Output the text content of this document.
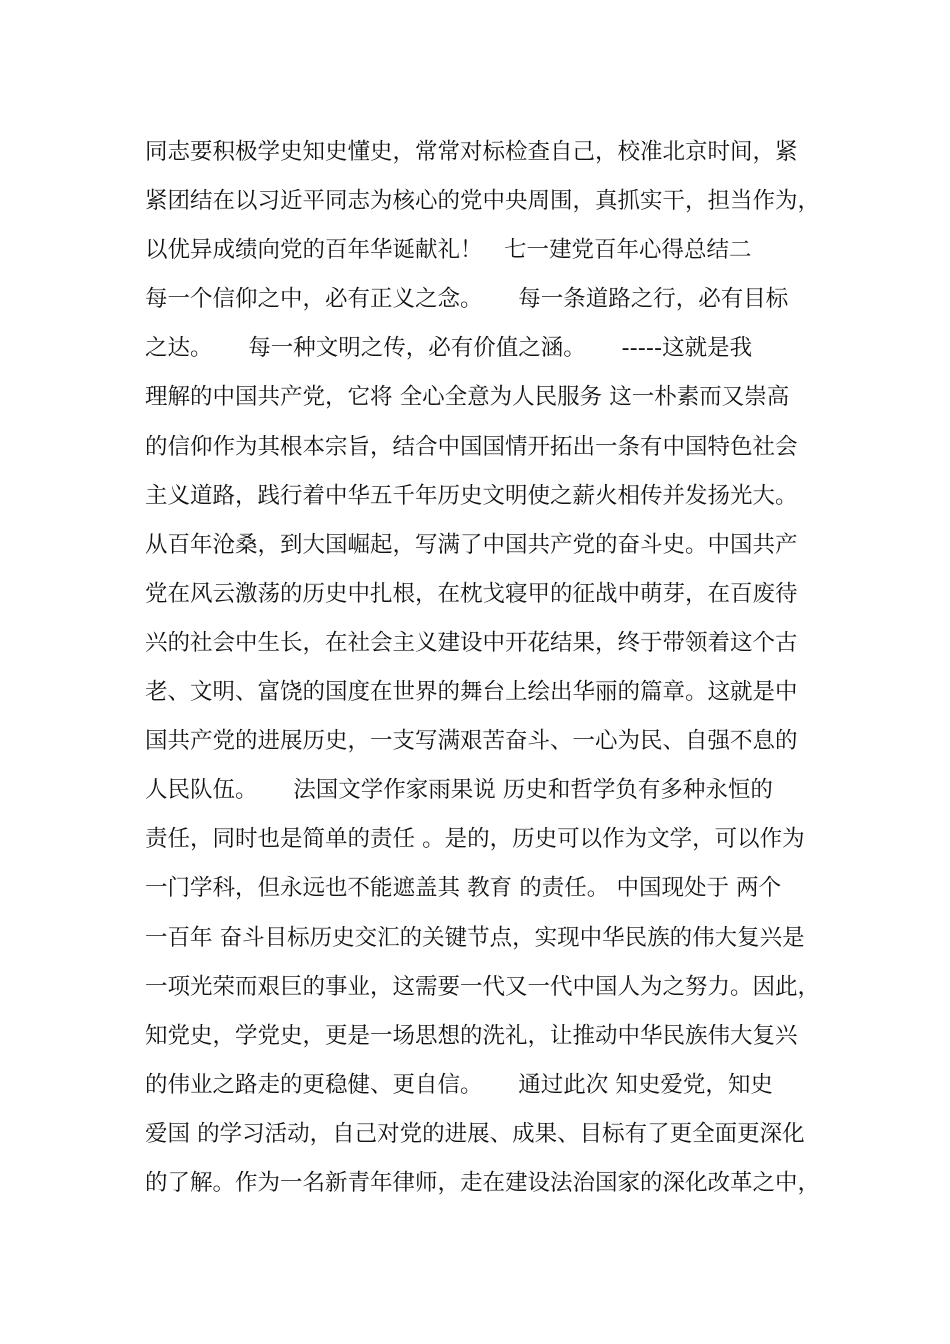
同志要积极学史知史懂史，常常对标检查自己，校准北京时间，紧
紧团结在以习近平同志为核心的党中央周围，真抓实干，担当作为，
以优异成绩向党的百年华诞献礼！   七一建党百年心得总结二
每一个信仰之中，必有正义之念。     每一条道路之行，必有目标
之达。     每一种文明之传，必有价值之涵。     -----这就是我
理解的中国共产党，它将 全心全意为人民服务 这一朴素而又崇高
的信仰作为其根本宗旨，结合中国国情开拓出一条有中国特色社会
主义道路，践行着中华五千年历史文明使之薪火相传并发扬光大。
从百年沧桑，到大国崛起，写满了中国共产党的奋斗史。中国共产
党在风云激荡的历史中扎根，在枕戈寝甲的征战中萌芽，在百废待
兴的社会中生长，在社会主义建设中开花结果，终于带领着这个古
老、文明、富饶的国度在世界的舞台上绘出华丽的篇章。这就是中
国共产党的进展历史，一支写满艰苦奋斗、一心为民、自强不息的
人民队伍。     法国文学作家雨果说 历史和哲学负有多种永恒的
责任，同时也是简单的责任 。是的，历史可以作为文学，可以作为
一门学科，但永远也不能遮盖其 教育 的责任。 中国现处于 两个
一百年 奋斗目标历史交汇的关键节点，实现中华民族的伟大复兴是
一项光荣而艰巨的事业，这需要一代又一代中国人为之努力。因此，
知党史，学党史，更是一场思想的洗礼，让推动中华民族伟大复兴
的伟业之路走的更稳健、更自信。     通过此次 知史爱党，知史
爱国 的学习活动，自己对党的进展、成果、目标有了更全面更深化
的了解。作为一名新青年律师，走在建设法治国家的深化改革之中，
